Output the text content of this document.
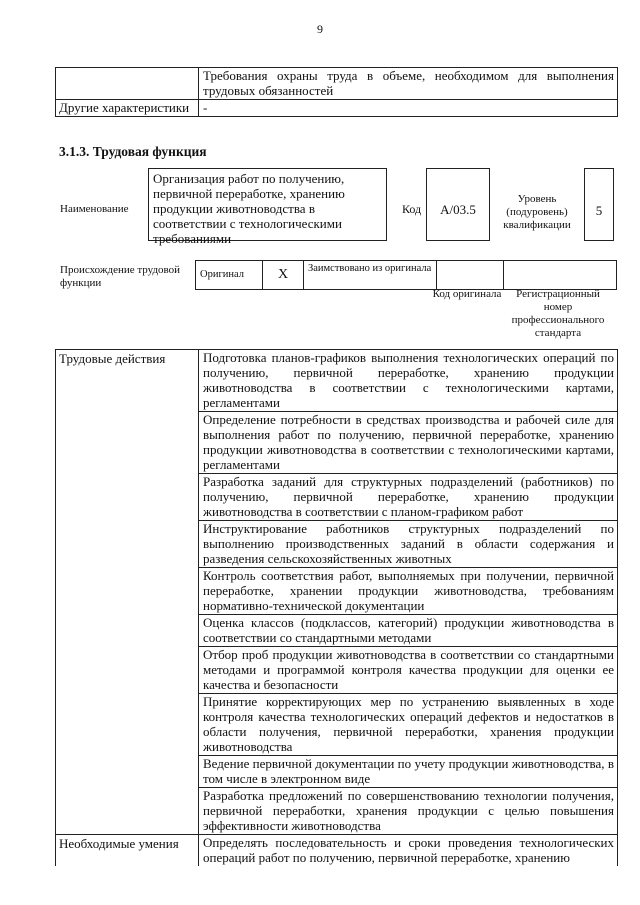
9
	Требования охраны труда в объеме, необходимом для выполнения трудовых обязанностей
Другие характеристики	-
3.1.3. Трудовая функция
Наименование
Организация работ по получению, первичной переработке, хранению продукции животноводства в соответствии с технологическими требованиями
Код	А/03.5
Уровень (подуровень) квалификации
5
Происхождение трудовой функции
Оригинал	X	Заимствовано из оригинала		
Код оригинала	Регистрационный номер профессионального стандарта
Трудовые действия	Подготовка планов-графиков выполнения технологических операций по получению, первичной переработке, хранению продукции животноводства в соответствии с технологическими картами, регламентами
	Определение потребности в средствах производства и рабочей силе для выполнения работ по получению, первичной переработке, хранению продукции животноводства в соответствии с технологическими картами, регламентами
	Разработка заданий для структурных подразделений (работников) по получению, первичной переработке, хранению продукции животноводства в соответствии с планом-графиком работ
	Инструктирование работников структурных подразделений по выполнению производственных заданий в области содержания и разведения сельскохозяйственных животных
	Контроль соответствия работ, выполняемых при получении, первичной переработке, хранении продукции животноводства, требованиям нормативно-технической документации
	Оценка классов (подклассов, категорий) продукции животноводства в соответствии со стандартными методами
	Отбор проб продукции животноводства в соответствии со стандартными методами и программой контроля качества продукции для оценки ее качества и безопасности
	Принятие корректирующих мер по устранению выявленных в ходе контроля качества технологических операций дефектов и недостатков в области получения, первичной переработки, хранения продукции животноводства
	Ведение первичной документации по учету продукции животноводства, в том числе в электронном виде
	Разработка предложений по совершенствованию технологии получения, первичной переработки, хранения продукции с целью повышения эффективности животноводства
Необходимые умения	Определять последовательность и сроки проведения технологических операций работ по получению, первичной переработке, хранению
